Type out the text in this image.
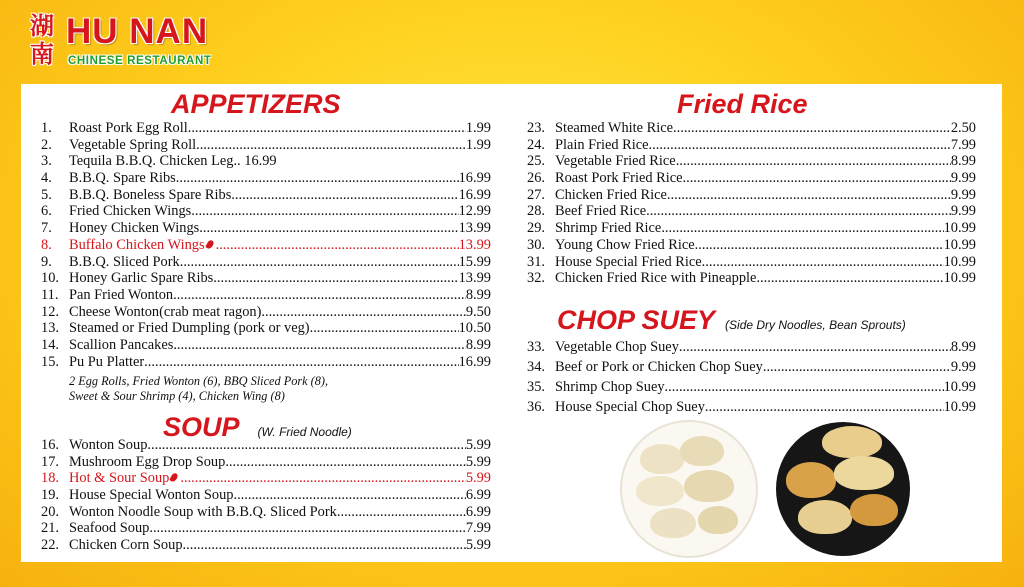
湖南
HU NAN
CHINESE RESTAURANT
APPETIZERS
1.	Roast Pork Egg Roll .....	1.99
2.	Vegetable Spring Roll .....	1.99
3.	Tequila B.B.Q. Chicken Leg.. 16.99
4.	B.B.Q. Spare Ribs .....	16.99
5.	B.B.Q. Boneless Spare Ribs .....	16.99
6.	Fried Chicken Wings .....	12.99
7.	Honey Chicken Wings .....	13.99
8.	Buffalo Chicken Wings .....	13.99
9.	B.B.Q. Sliced Pork .....	15.99
10. Honey Garlic Spare Ribs .....	13.99
11. Pan Fried Wonton .....	8.99
12. Cheese Wonton(crab meat ragon) .....	9.50
13. Steamed or Fried Dumpling (pork or veg) .....	10.50
14. Scallion Pancakes .....	8.99
15. Pu Pu Platter .....	16.99
2 Egg Rolls, Fried Wonton (6), BBQ Sliced Pork (8),
Sweet & Sour Shrimp (4), Chicken Wing (8)
SOUP (W. Fried Noodle)
16. Wonton Soup .....	5.99
17. Mushroom Egg Drop Soup .....	5.99
18. Hot & Sour Soup .....	5.99
19. House Special Wonton Soup .....	6.99
20. Wonton Noodle Soup with B.B.Q. Sliced Pork .....	6.99
21. Seafood Soup .....	7.99
22. Chicken Corn Soup .....	5.99
Fried Rice
23. Steamed White Rice .....	2.50
24. Plain Fried Rice .....	7.99
25. Vegetable Fried Rice .....	8.99
26. Roast Pork Fried Rice .....	9.99
27. Chicken Fried Rice .....	9.99
28. Beef Fried Rice .....	9.99
29. Shrimp Fried Rice .....	10.99
30. Young Chow Fried Rice .....	10.99
31. House Special Fried Rice .....	10.99
32. Chicken Fried Rice with Pineapple .....	10.99
CHOP SUEY (Side Dry Noodles, Bean Sprouts)
33. Vegetable Chop Suey .....	8.99
34. Beef or Pork or Chicken Chop Suey .....	9.99
35. Shrimp Chop Suey .....	10.99
36. House Special Chop Suey .....	10.99
